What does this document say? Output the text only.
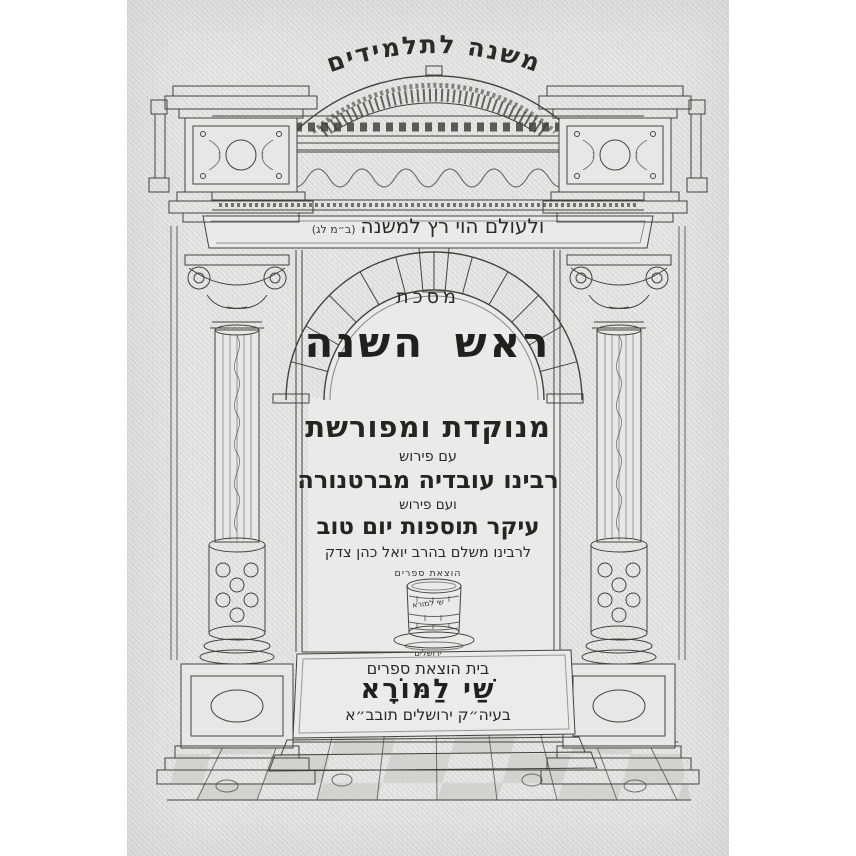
משנה לתלמידים
ולעולם הוי רץ למשנה(ב״מ לג)
מסכת
ראש השנה
מנוקדת ומפורשת
עם פירוש
רבינו עובדיה מברטנורה
ועם פירוש
עיקר תוספות יום טוב
לרבינו משלם בהרב יואל כהן צדק
הוצאת ספרים
שי למורא
ירושלים
בית הוצאת ספרים
שַׁי לַמּוֹרָא
בעיה״ק ירושלים תובב״א
